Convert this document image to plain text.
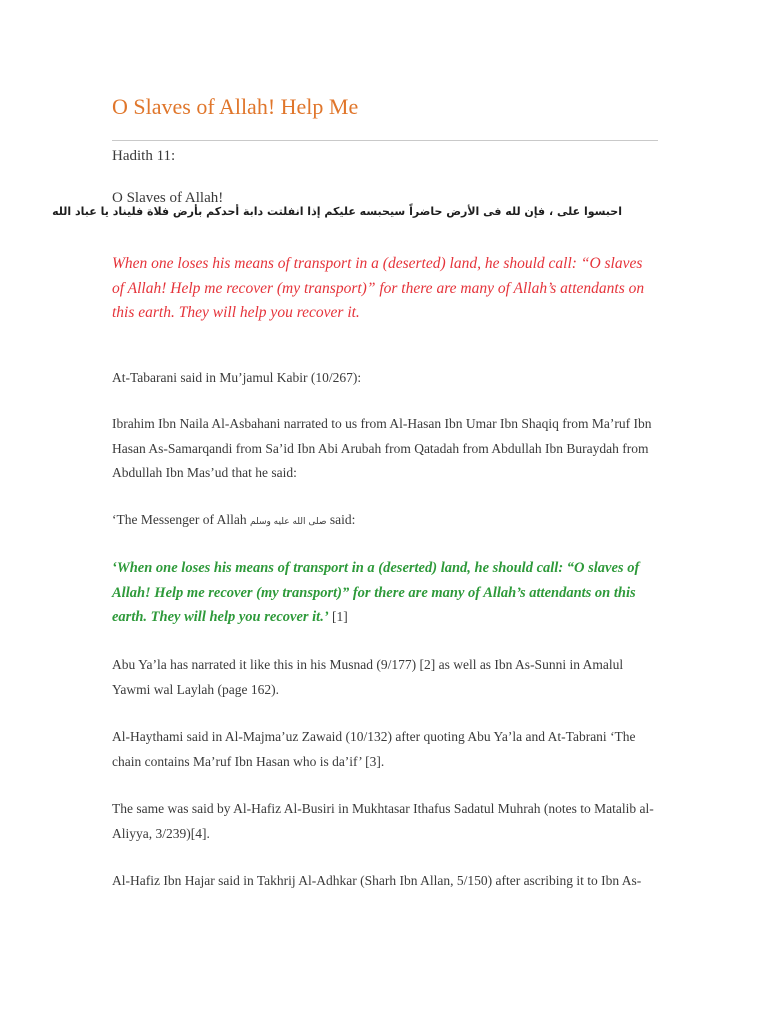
O Slaves of Allah! Help Me
Hadith 11:
O Slaves of Allah!
احبسوا على ، فإن لله فى الأرض حاضراً سيحبسه عليكم إذا انفلتت دابة أحدكم بأرض فلاة فليناد يا عباد الله

When one loses his means of transport in a (deserted) land, he should call: “O slaves of Allah! Help me recover (my transport)” for there are many of Allah’s attendants on this earth. They will help you recover it.

At-Tabarani said in Mu’jamul Kabir (10/267):

Ibrahim Ibn Naila Al-Asbahani narrated to us from Al-Hasan Ibn Umar Ibn Shaqiq from Ma’ruf Ibn Hasan As-Samarqandi from Sa’id Ibn Abi Arubah from Qatadah from Abdullah Ibn Buraydah from Abdullah Ibn Mas’ud that he said:

‘The Messenger of Allah صلى الله عليه وسلم said:

‘When one loses his means of transport in a (deserted) land, he should call: “O slaves of Allah! Help me recover (my transport)” for there are many of Allah’s attendants on this earth. They will help you recover it.’ [1]

Abu Ya’la has narrated it like this in his Musnad (9/177) [2] as well as Ibn As-Sunni in Amalul Yawmi wal Laylah (page 162).

Al-Haythami said in Al-Majma’uz Zawaid (10/132) after quoting Abu Ya’la and At-Tabrani ‘The chain contains Ma’ruf Ibn Hasan who is da’if’ [3].

The same was said by Al-Hafiz Al-Busiri in Mukhtasar Ithafus Sadatul Muhrah (notes to Matalib al-Aliyya, 3/239)[4].

Al-Hafiz Ibn Hajar said in Takhrij Al-Adhkar (Sharh Ibn Allan, 5/150) after ascribing it to Ibn As-
